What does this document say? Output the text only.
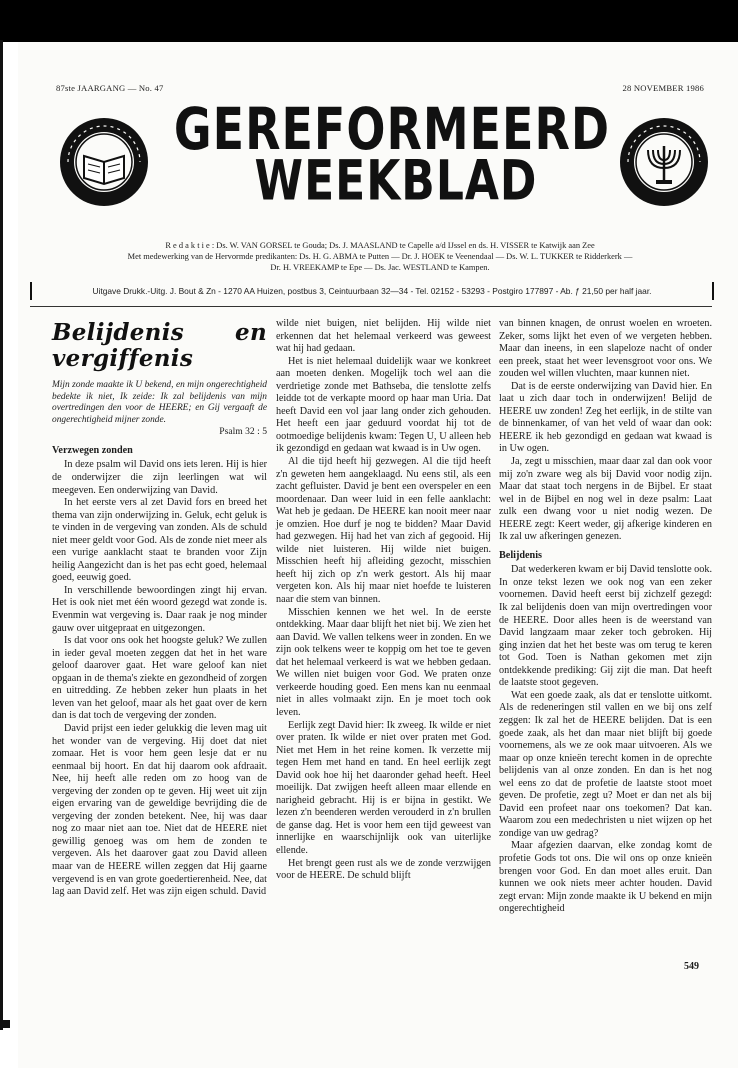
87ste JAARGANG — No. 47	28 NOVEMBER 1986
GEREFORMEERD
WEEKBLAD
R e d a k t i e : Ds. W. VAN GORSEL te Gouda; Ds. J. MAASLAND te Capelle a/d IJssel en ds. H. VISSER te Katwijk aan Zee
Met medewerking van de Hervormde predikanten: Ds. H. G. ABMA te Putten — Dr. J. HOEK te Veenendaal — Ds. W. L. TUKKER te Ridderkerk —
Dr. H. VREEKAMP te Epe — Ds. Jac. WESTLAND te Kampen.
Uitgave Drukk.-Uitg. J. Bout & Zn - 1270 AA Huizen, postbus 3, Ceintuurbaan 32—34 - Tel. 02152 - 53293 - Postgiro 177897 - Ab. ƒ 21,50 per half jaar.
Belijdenis en vergiffenis

Mijn zonde maakte ik U bekend, en mijn ongerechtigheid bedekte ik niet, Ik zeide: Ik zal belijdenis van mijn overtredingen den voor de HEERE; en Gij vergaaft de ongerechtigheid mijner zonde.

Psalm 32 : 5

Verzwegen zonden

In deze psalm wil David ons iets leren. Hij is hier de onderwijzer die zijn leerlingen wat wil meegeven. Een onderwijzing van David.

In het eerste vers al zet David fors en breed het thema van zijn onderwijzing in. Geluk, echt geluk is te vinden in de vergeving van zonden. Als de schuld niet meer geldt voor God. Als de zonde niet meer als een vurige aanklacht staat te branden voor Zijn heilig Aangezicht dan is het pas echt goed, helemaal goed, eeuwig goed.

In verschillende bewoordingen zingt hij ervan. Het is ook niet met één woord gezegd wat zonde is. Evenmin wat vergeving is. Daar raak je nog minder gauw over uitgepraat en uitgezongen.

Is dat voor ons ook het hoogste geluk? We zullen in ieder geval moeten zeggen dat het in het ware geloof daarover gaat. Het ware geloof kan niet opgaan in de thema's ziekte en gezondheid of zorgen en uitredding. Ze hebben zeker hun plaats in het leven van het geloof, maar als het gaat over de kern dan is dat toch de vergeving der zonden.

David prijst een ieder gelukkig die leven mag uit het wonder van de vergeving. Hij doet dat niet zomaar. Het is voor hem geen lesje dat er nu eenmaal bij hoort. En dat hij daarom ook afdraait. Nee, hij heeft alle reden om zo hoog van de vergeving der zonden op te geven. Hij weet uit zijn eigen ervaring van de geweldige bevrijding die de vergeving der zonden betekent. Nee, hij was daar nog zo maar niet aan toe. Niet dat de HEERE niet gewillig genoeg was om hem de zonden te vergeven. Als het daarover gaat zou David alleen maar van de HEERE willen zeggen dat Hij gaarne vergevend is en van grote goedertierenheid. Nee, dat lag aan David zelf. Het was zijn eigen schuld. David

wilde niet buigen, niet belijden. Hij wilde niet erkennen dat het helemaal verkeerd was geweest wat hij had gedaan.

Het is niet helemaal duidelijk waar we konkreet aan moeten denken. Mogelijk toch wel aan die verdrietige zonde met Bathseba, die tenslotte zelfs leidde tot de verkapte moord op haar man Uria. Dat heeft David een vol jaar lang onder zich gehouden. Het heeft een jaar geduurd voordat hij tot de ootmoedige belijdenis kwam: Tegen U, U alleen heb ik gezondigd en gedaan wat kwaad is in Uw ogen.

Al die tijd heeft hij gezwegen. Al die tijd heeft z'n geweten hem aangeklaagd. Nu eens stil, als een zacht gefluister. David je bent een overspeler en een moordenaar. Dan weer luid in een felle aanklacht: Wat heb je gedaan. De HEERE kan nooit meer naar je omzien. Hoe durf je nog te bidden? Maar David had gezwegen. Hij had het van zich af gegooid. Hij wilde niet luisteren. Hij wilde niet buigen. Misschien heeft hij afleiding gezocht, misschien heeft hij zich op z'n werk gestort. Als hij maar vergeten kon. Als hij maar niet hoefde te luisteren naar die stem van binnen.

Misschien kennen we het wel. In de eerste ontdekking. Maar daar blijft het niet bij. We zien het aan David. We vallen telkens weer in zonden. En we zijn ook telkens weer te koppig om het toe te geven dat het helemaal verkeerd is wat we hebben gedaan. We willen niet buigen voor God. We praten onze verkeerde houding goed. Een mens kan nu eenmaal niet in alles volmaakt zijn. En je moet toch ook leven.

Eerlijk zegt David hier: Ik zweeg. Ik wilde er niet over praten. Ik wilde er niet over praten met God. Niet met Hem in het reine komen. Ik verzette mij tegen Hem met hand en tand. En heel eerlijk zegt David ook hoe hij het daaronder gehad heeft. Heel moeilijk. Dat zwijgen heeft alleen maar ellende en narigheid gebracht. Hij is er bijna in gestikt. We lezen z'n beenderen werden verouderd in z'n brullen de ganse dag. Het is voor hem een tijd geweest van innerlijke en waarschijnlijk ook van uiterlijke ellende.

Het brengt geen rust als we de zonde verzwijgen voor de HEERE. De schuld blijft

van binnen knagen, de onrust woelen en wroeten. Zeker, soms lijkt het even of we vergeten hebben. Maar dan ineens, in een slapeloze nacht of onder een preek, staat het weer levensgroot voor ons. We zouden wel willen vluchten, maar kunnen niet.

Dat is de eerste onderwijzing van David hier. En laat u zich daar toch in onderwijzen! Belijd de HEERE uw zonden! Zeg het eerlijk, in de stilte van de binnenkamer, of van het veld of waar dan ook: HEERE ik heb gezondigd en gedaan wat kwaad is in Uw ogen.

Ja, zegt u misschien, maar daar zal dan ook voor mij zo'n zware weg als bij David voor nodig zijn. Maar dat staat toch nergens in de Bijbel. Er staat wel in de Bijbel en nog wel in deze psalm: Laat zulk een dwang voor u niet nodig wezen. De HEERE zegt: Keert weder, gij afkerige kinderen en Ik zal uw afkeringen genezen.

Belijdenis

Dat wederkeren kwam er bij David tenslotte ook. In onze tekst lezen we ook nog van een zeker voornemen. David heeft eerst bij zichzelf gezegd: Ik zal belijdenis doen van mijn overtredingen voor de HEERE. Door alles heen is de weerstand van David langzaam maar zeker toch gebroken. Hij ging inzien dat het het beste was om terug te keren tot God. Toen is Nathan gekomen met zijn ontdekkende prediking: Gij zijt die man. Dat heeft de laatste stoot gegeven.

Wat een goede zaak, als dat er tenslotte uitkomt. Als de redeneringen stil vallen en we bij ons zelf zeggen: Ik zal het de HEERE belijden. Dat is een goede zaak, als het dan maar niet blijft bij goede voornemens, als we ze ook maar uitvoeren. Als we maar op onze knieën terecht komen in de oprechte belijdenis van al onze zonden. En dan is het nog wel eens zo dat de profetie de laatste stoot moet geven. De profetie, zegt u? Moet er dan net als bij David een profeet naar ons toekomen? Dat kan. Waarom zou een medechristen u niet wijzen op het zondige van uw gedrag?

Maar afgezien daarvan, elke zondag komt de profetie Gods tot ons. Die wil ons op onze knieën brengen voor God. En dan moet alles eruit. Dan kunnen we ook niets meer achter houden. David zegt ervan: Mijn zonde maakte ik U bekend en mijn ongerechtigheid

549
